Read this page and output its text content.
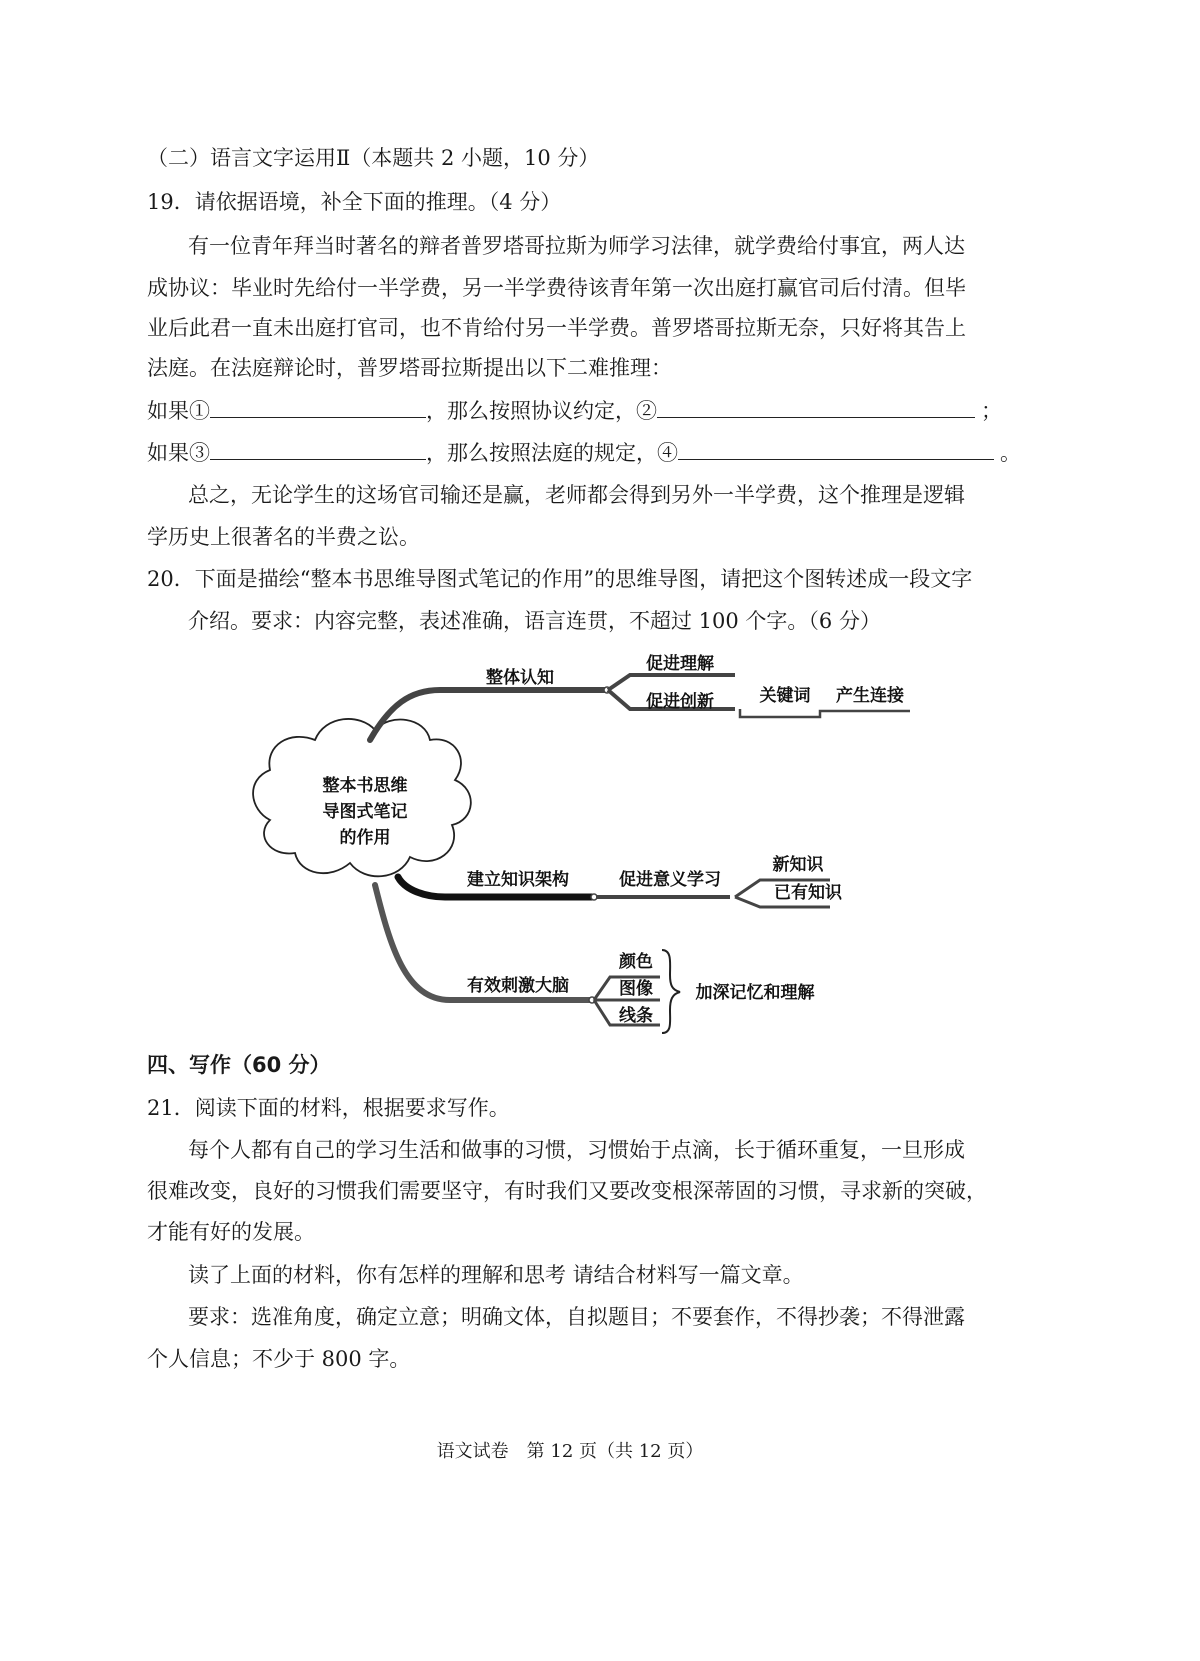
（二）语言文字运用Ⅱ（本题共 2 小题，10 分）
19．请依据语境，补全下面的推理。（4 分）
有一位青年拜当时著名的辩者普罗塔哥拉斯为师学习法律，就学费给付事宜，两人达
成协议：毕业时先给付一半学费，另一半学费待该青年第一次出庭打赢官司后付清。但毕
业后此君一直未出庭打官司，也不肯给付另一半学费。普罗塔哥拉斯无奈，只好将其告上
法庭。在法庭辩论时，普罗塔哥拉斯提出以下二难推理：
如果①	，那么按照协议约定，②	；
如果③	，那么按照法庭的规定，④	。
总之，无论学生的这场官司输还是赢，老师都会得到另外一半学费，这个推理是逻辑
学历史上很著名的半费之讼。
20．下面是描绘“整本书思维导图式笔记的作用”的思维导图，请把这个图转述成一段文字
介绍。要求：内容完整，表述准确，语言连贯，不超过 100 个字。（6 分）
整本书思维
导图式笔记
的作用
整体认知
促进理解
促进创新	关键词 产生连接
建立知识架构	促进意义学习
新知识
已有知识
有效刺激大脑
颜色
图像
线条
加深记忆和理解
四、写作（60 分）
21．阅读下面的材料，根据要求写作。
每个人都有自己的学习生活和做事的习惯，习惯始于点滴，长于循环重复，一旦形成
很难改变，良好的习惯我们需要坚守，有时我们又要改变根深蒂固的习惯，寻求新的突破，
才能有好的发展。
读了上面的材料，你有怎样的理解和思考 请结合材料写一篇文章。
要求：选准角度，确定立意；明确文体，自拟题目；不要套作，不得抄袭；不得泄露
个人信息；不少于 800 字。
语文试卷　第 12 页（共 12 页）
